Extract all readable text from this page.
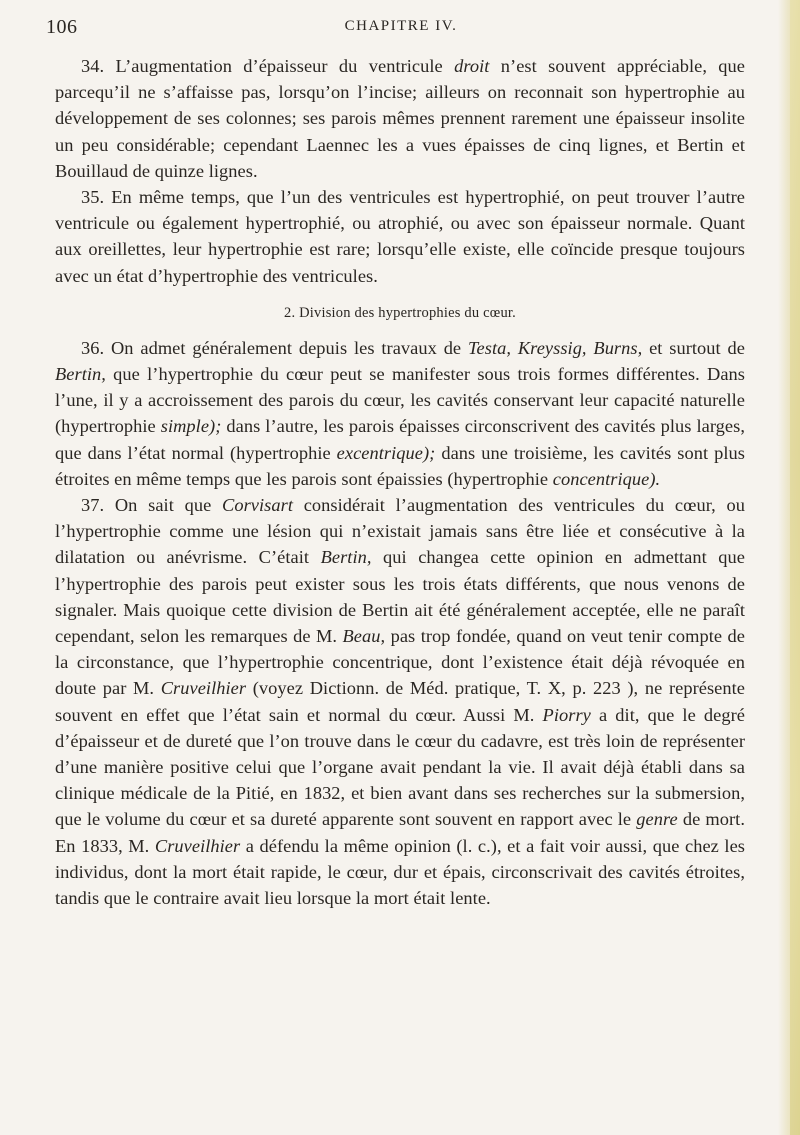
106	CHAPITRE IV.

34. L’augmentation d’épaisseur du ventricule droit n’est souvent appréciable, que parcequ’il ne s’affaisse pas, lorsqu’on l’incise; ailleurs on reconnait son hypertrophie au développement de ses colonnes; ses parois mêmes prennent rarement une épaisseur insolite un peu considérable; cependant Laennec les a vues épaisses de cinq lignes, et Bertin et Bouillaud de quinze lignes.

35. En même temps, que l’un des ventricules est hypertrophié, on peut trouver l’autre ventricule ou également hypertrophié, ou atrophié, ou avec son épaisseur normale. Quant aux oreillettes, leur hypertrophie est rare; lorsqu’elle existe, elle coïncide presque toujours avec un état d’hypertrophie des ventricules.

2. Division des hypertrophies du cœur.

36. On admet généralement depuis les travaux de Testa, Kreyssig, Burns, et surtout de Bertin, que l’hypertrophie du cœur peut se manifester sous trois formes différentes. Dans l’une, il y a accroissement des parois du cœur, les cavités conservant leur capacité naturelle (hypertrophie simple); dans l’autre, les parois épaisses circonscrivent des cavités plus larges, que dans l’état normal (hypertrophie excentrique); dans une troisième, les cavités sont plus étroites en même temps que les parois sont épaissies (hypertrophie concentrique).

37. On sait que Corvisart considérait l’augmentation des ventricules du cœur, ou l’hypertrophie comme une lésion qui n’existait jamais sans être liée et consécutive à la dilatation ou anévrisme. C’était Bertin, qui changea cette opinion en admettant que l’hypertrophie des parois peut exister sous les trois états différents, que nous venons de signaler. Mais quoique cette division de Bertin ait été généralement acceptée, elle ne paraît cependant, selon les remarques de M. Beau, pas trop fondée, quand on veut tenir compte de la circonstance, que l’hypertrophie concentrique, dont l’existence était déjà révoquée en doute par M. Cruveilhier (voyez Dictionn. de Méd. pratique, T. X, p. 223 ), ne représente souvent en effet que l’état sain et normal du cœur. Aussi M. Piorry a dit, que le degré d’épaisseur et de dureté que l’on trouve dans le cœur du cadavre, est très loin de représenter d’une manière positive celui que l’organe avait pendant la vie. Il avait déjà établi dans sa clinique médicale de la Pitié, en 1832, et bien avant dans ses recherches sur la submersion, que le volume du cœur et sa dureté apparente sont souvent en rapport avec le genre de mort. En 1833, M. Cruveilhier a défendu la même opinion (l. c.), et a fait voir aussi, que chez les individus, dont la mort était rapide, le cœur, dur et épais, circonscrivait des cavités étroites, tandis que le contraire avait lieu lorsque la mort était lente.
